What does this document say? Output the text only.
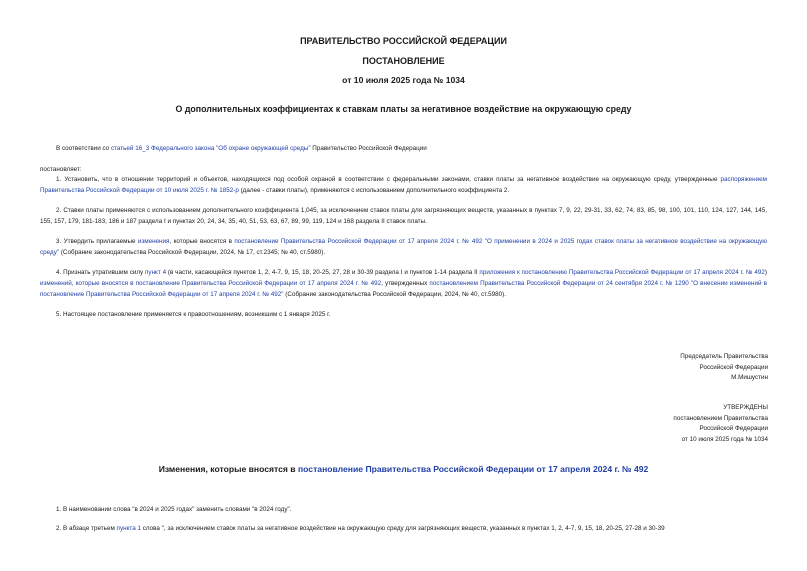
ПРАВИТЕЛЬСТВО РОССИЙСКОЙ ФЕДЕРАЦИИ
ПОСТАНОВЛЕНИЕ
от 10 июля 2025 года № 1034
О дополнительных коэффициентах к ставкам платы за негативное воздействие на окружающую среду
В соответствии со статьей 16_3 Федерального закона "Об охране окружающей среды" Правительство Российской Федерации
постановляет:
1. Установить, что в отношении территорий и объектов, находящихся под особой охраной в соответствии с федеральными законами, ставки платы за негативное воздействие на окружающую среду, утвержденные распоряжением Правительства Российской Федерации от 10 июля 2025 г. № 1852-р (далее - ставки платы), применяются с использованием дополнительного коэффициента 2.
2. Ставки платы применяются с использованием дополнительного коэффициента 1,045, за исключением ставок платы для загрязняющих веществ, указанных в пунктах 7, 9, 22, 29-31, 33, 62, 74, 83, 85, 98, 100, 101, 110, 124, 127, 144, 145, 155, 157, 179, 181-183, 186 и 187 раздела I и пунктах 20, 24, 34, 35, 40, 51, 53, 63, 67, 89, 99, 119, 124 и 168 раздела II ставок платы.
3. Утвердить прилагаемые изменения, которые вносятся в постановление Правительства Российской Федерации от 17 апреля 2024 г. № 492 "О применении в 2024 и 2025 годах ставок платы за негативное воздействие на окружающую среду" (Собрание законодательства Российской Федерации, 2024, № 17, ст.2345; № 40, ст.5980).
4. Признать утратившим силу пункт 4 (в части, касающейся пунктов 1, 2, 4-7, 9, 15, 18, 20-25, 27, 28 и 30-39 раздела I и пунктов 1-14 раздела II приложения к постановлению Правительства Российской Федерации от 17 апреля 2024 г. № 492) изменений, которые вносятся в постановление Правительства Российской Федерации от 17 апреля 2024 г. № 492, утвержденных постановлением Правительства Российской Федерации от 24 сентября 2024 г. № 1290 "О внесении изменений в постановление Правительства Российской Федерации от 17 апреля 2024 г. № 492" (Собрание законодательства Российской Федерации, 2024, № 40, ст.5980).
5. Настоящее постановление применяется к правоотношениям, возникшим с 1 января 2025 г.
Председатель Правительства
Российской Федерации
М.Мишустин
УТВЕРЖДЕНЫ
постановлением Правительства
Российской Федерации
от 10 июля 2025 года № 1034
Изменения, которые вносятся в постановление Правительства Российской Федерации от 17 апреля 2024 г. № 492
1. В наименовании слова "в 2024 и 2025 годах" заменить словами "в 2024 году".
2. В абзаце третьем пункта 1 слова ", за исключением ставок платы за негативное воздействие на окружающую среду для загрязняющих веществ, указанных в пунктах 1, 2, 4-7, 9, 15, 18, 20-25, 27-28 и 30-39
